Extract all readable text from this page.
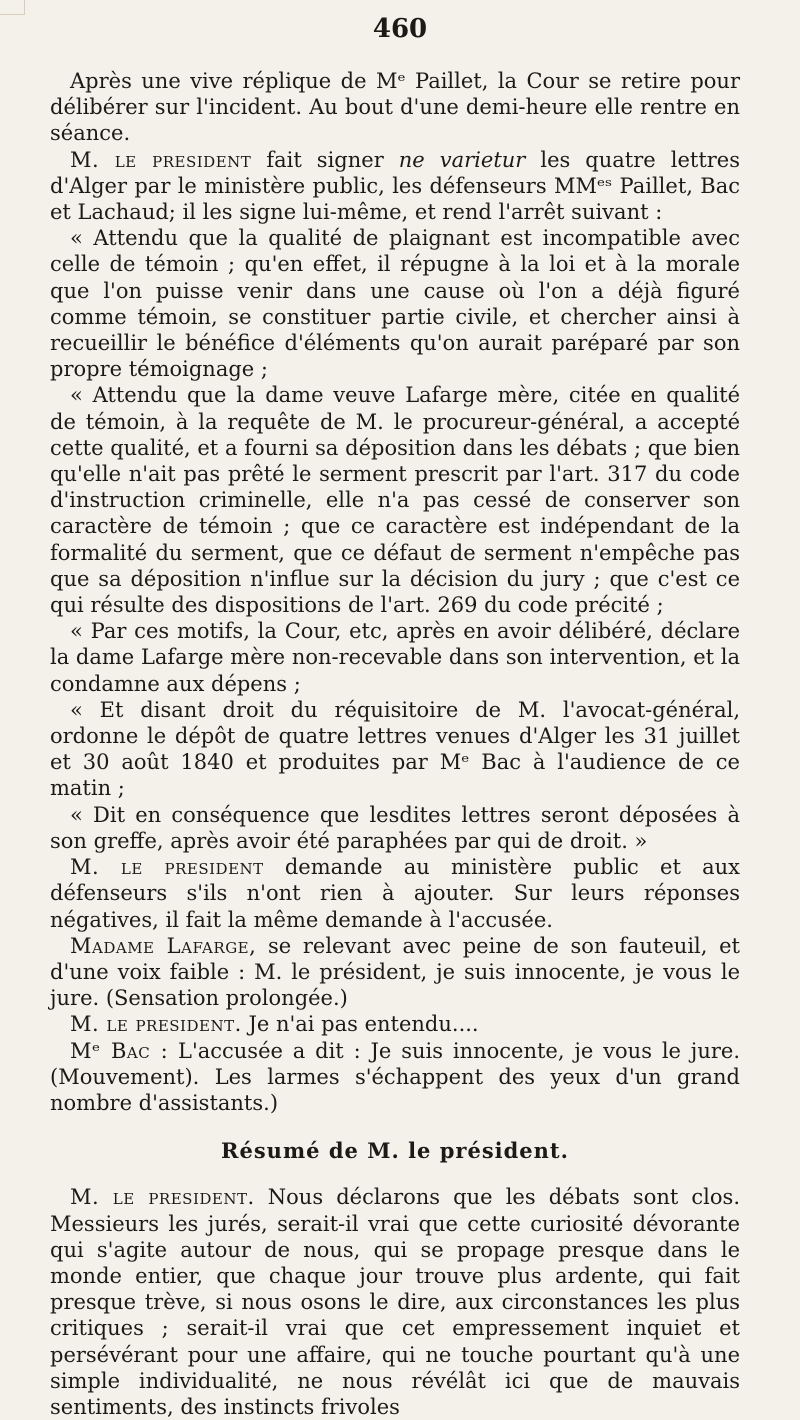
460

Après une vive réplique de Mᵉ Paillet, la Cour se retire pour délibérer sur l'incident. Au bout d'une demi-heure elle rentre en séance.

M. le president fait signer ne varietur les quatre lettres d'Alger par le ministère public, les défenseurs MMᵉˢ Paillet, Bac et Lachaud; il les signe lui-même, et rend l'arrêt suivant :

« Attendu que la qualité de plaignant est incompatible avec celle de témoin ; qu'en effet, il répugne à la loi et à la morale que l'on puisse venir dans une cause où l'on a déjà figuré comme témoin, se constituer partie civile, et chercher ainsi à recueillir le bénéfice d'éléments qu'on aurait paréparé par son propre témoignage ;

« Attendu que la dame veuve Lafarge mère, citée en qualité de témoin, à la requête de M. le procureur-général, a accepté cette qualité, et a fourni sa déposition dans les débats ; que bien qu'elle n'ait pas prêté le serment prescrit par l'art. 317 du code d'instruction criminelle, elle n'a pas cessé de conserver son caractère de témoin ; que ce caractère est indépendant de la formalité du serment, que ce défaut de serment n'empêche pas que sa déposition n'influe sur la décision du jury ; que c'est ce qui résulte des dispositions de l'art. 269 du code précité ;

« Par ces motifs, la Cour, etc, après en avoir délibéré, déclare la dame Lafarge mère non-recevable dans son intervention, et la condamne aux dépens ;

« Et disant droit du réquisitoire de M. l'avocat-général, ordonne le dépôt de quatre lettres venues d'Alger les 31 juillet et 30 août 1840 et produites par Mᵉ Bac à l'audience de ce matin ;

« Dit en conséquence que lesdites lettres seront déposées à son greffe, après avoir été paraphées par qui de droit. »

M. le president demande au ministère public et aux défenseurs s'ils n'ont rien à ajouter. Sur leurs réponses négatives, il fait la même demande à l'accusée.

Madame Lafarge, se relevant avec peine de son fauteuil, et d'une voix faible : M. le président, je suis innocente, je vous le jure. (Sensation prolongée.)

M. le president. Je n'ai pas entendu....

Mᵉ Bac : L'accusée a dit : Je suis innocente, je vous le jure. (Mouvement). Les larmes s'échappent des yeux d'un grand nombre d'assistants.)

Résumé de M. le président.

M. le president. Nous déclarons que les débats sont clos. Messieurs les jurés, serait-il vrai que cette curiosité dévorante qui s'agite autour de nous, qui se propage presque dans le monde entier, que chaque jour trouve plus ardente, qui fait presque trève, si nous osons le dire, aux circonstances les plus critiques ; serait-il vrai que cet empressement inquiet et persévérant pour une affaire, qui ne touche pourtant qu'à une simple individualité, ne nous révélât ici que de mauvais sentiments, des instincts frivoles
